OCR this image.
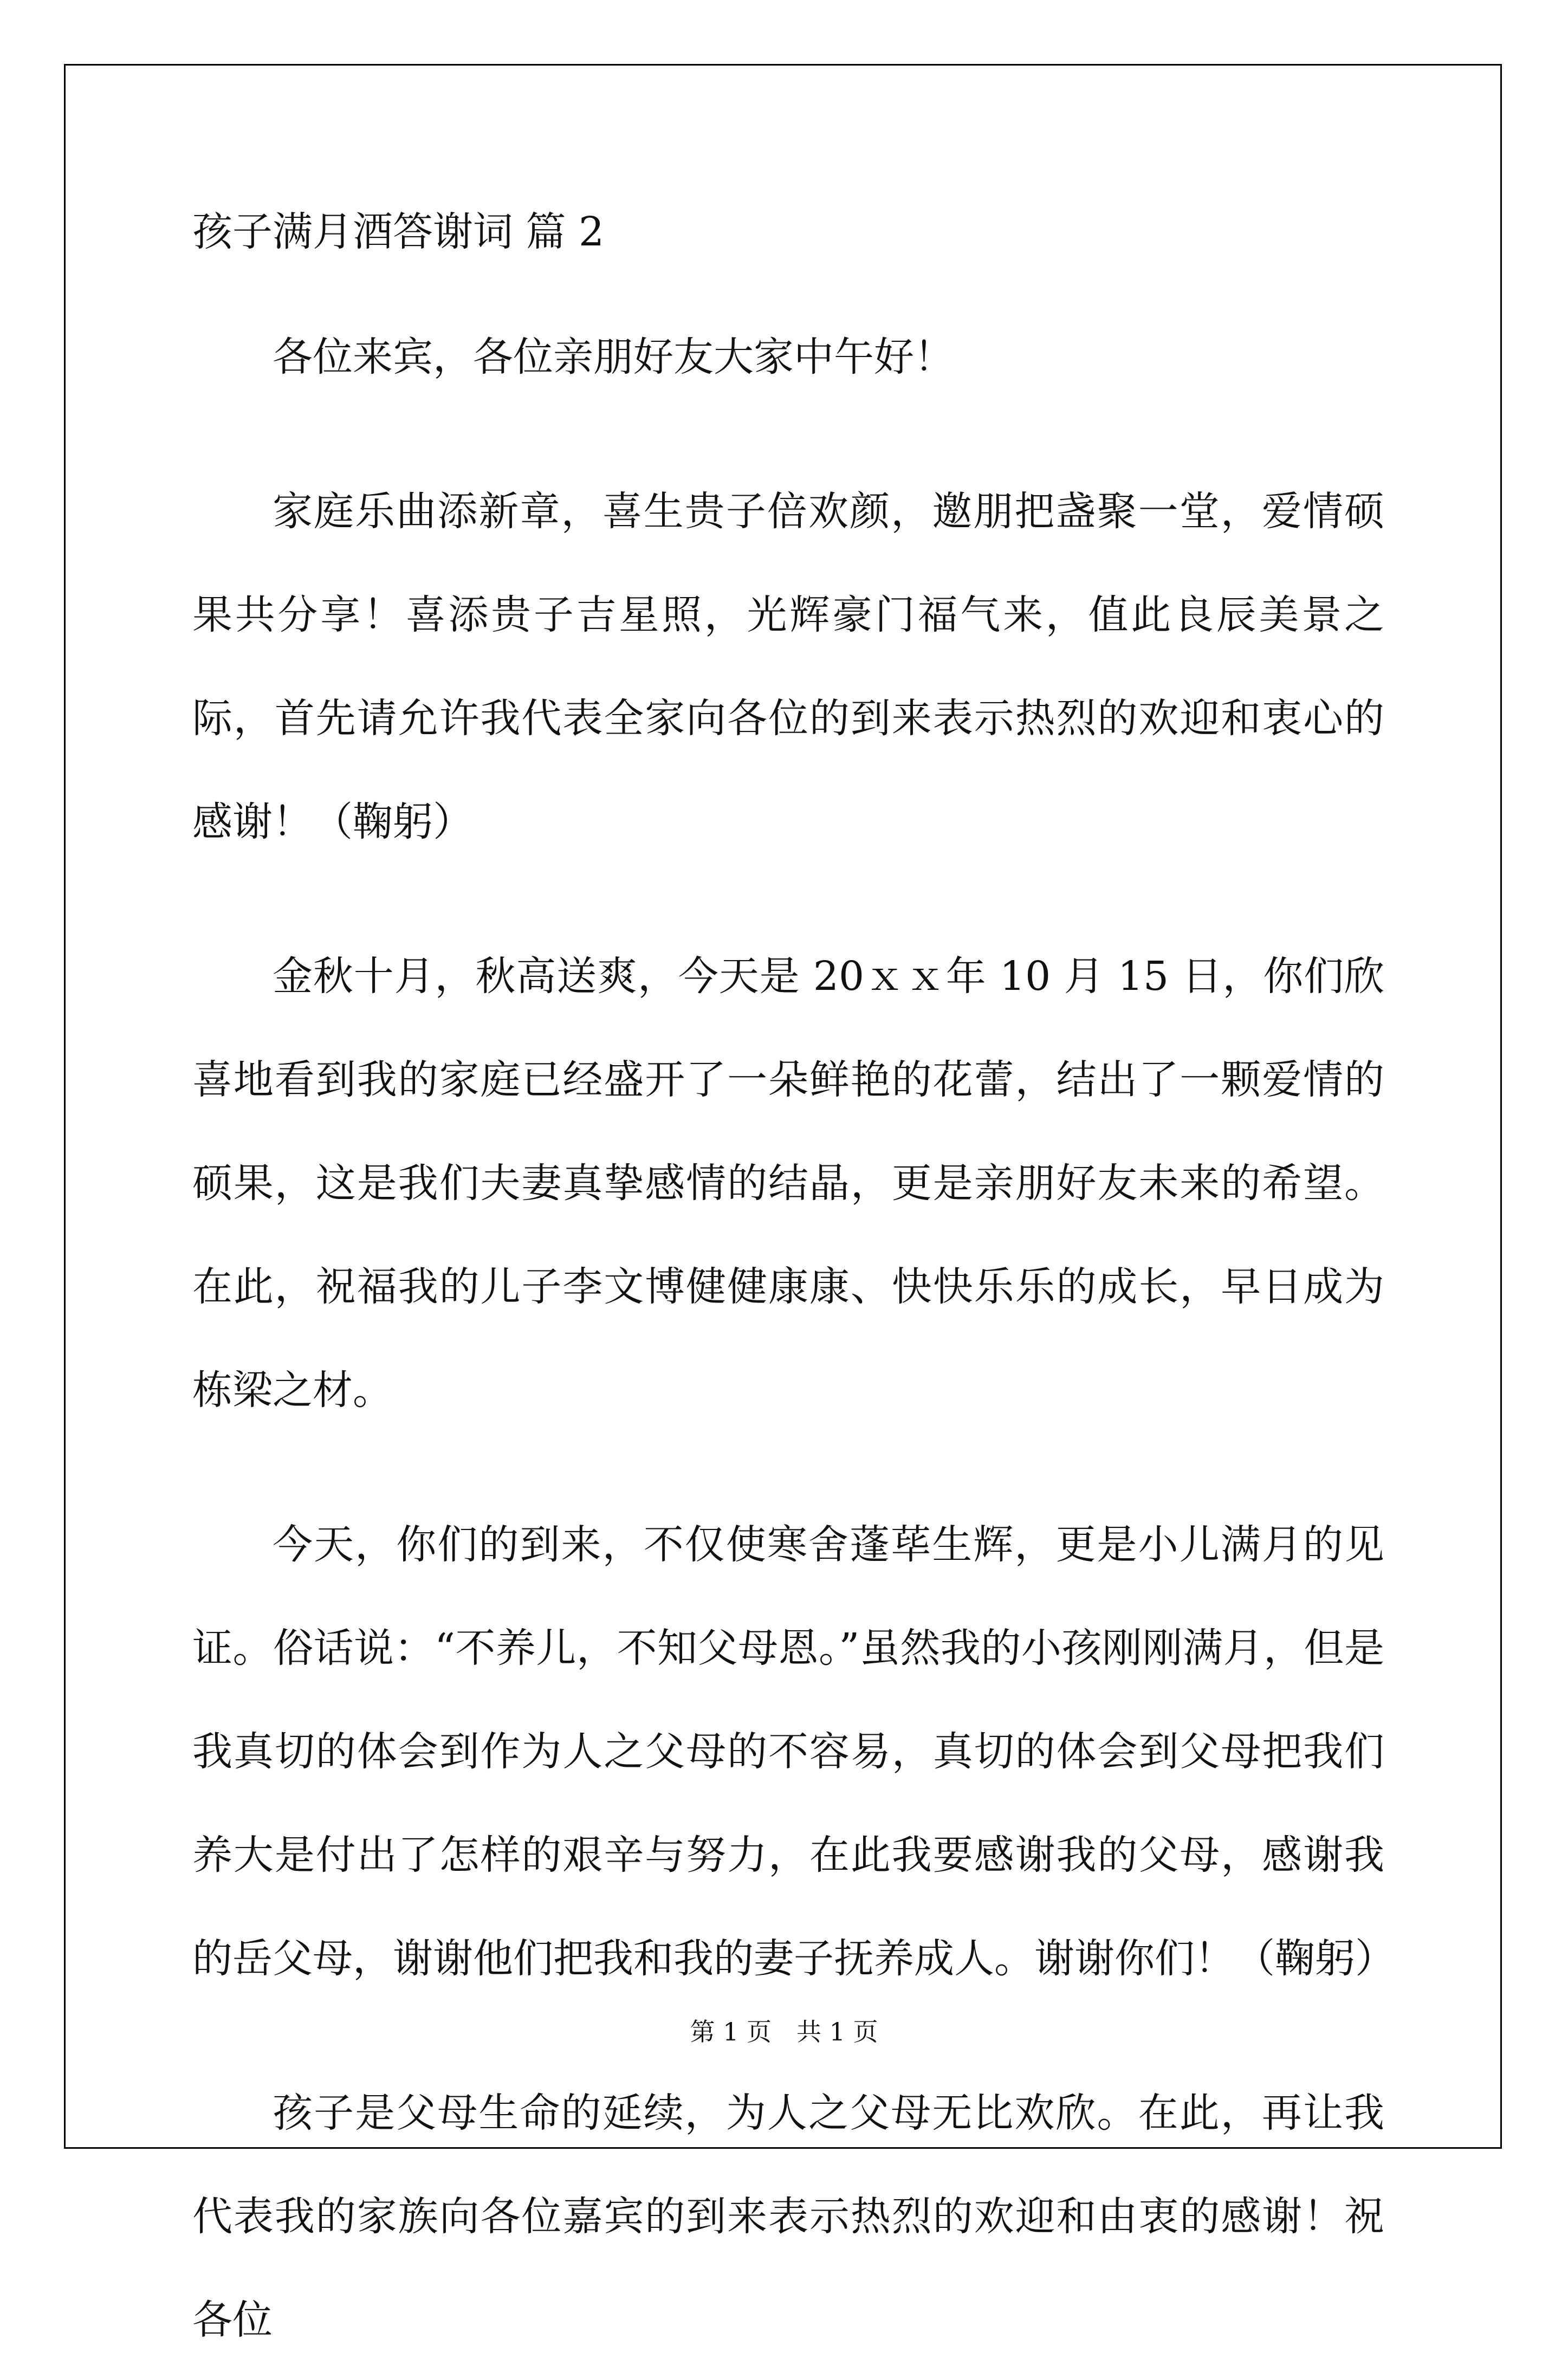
孩子满月酒答谢词 篇 2

各位来宾，各位亲朋好友大家中午好！

家庭乐曲添新章，喜生贵子倍欢颜，邀朋把盏聚一堂，爱情硕果共分享！喜添贵子吉星照，光辉豪门福气来，值此良辰美景之际，首先请允许我代表全家向各位的到来表示热烈的欢迎和衷心的感谢！（鞠躬）

金秋十月，秋高送爽，今天是 20ｘｘ年 10 月 15 日，你们欣喜地看到我的家庭已经盛开了一朵鲜艳的花蕾，结出了一颗爱情的硕果，这是我们夫妻真挚感情的结晶，更是亲朋好友未来的希望。在此，祝福我的儿子李文博健健康康、快快乐乐的成长，早日成为栋梁之材。

今天，你们的到来，不仅使寒舍蓬荜生辉，更是小儿满月的见证。俗话说：“不养儿，不知父母恩。”虽然我的小孩刚刚满月，但是我真切的体会到作为人之父母的不容易，真切的体会到父母把我们养大是付出了怎样的艰辛与努力，在此我要感谢我的父母，感谢我的岳父母，谢谢他们把我和我的妻子抚养成人。谢谢你们！（鞠躬）

孩子是父母生命的延续，为人之父母无比欢欣。在此，再让我代表我的家族向各位嘉宾的到来表示热烈的欢迎和由衷的感谢！祝各位

第 1 页　共 1 页
